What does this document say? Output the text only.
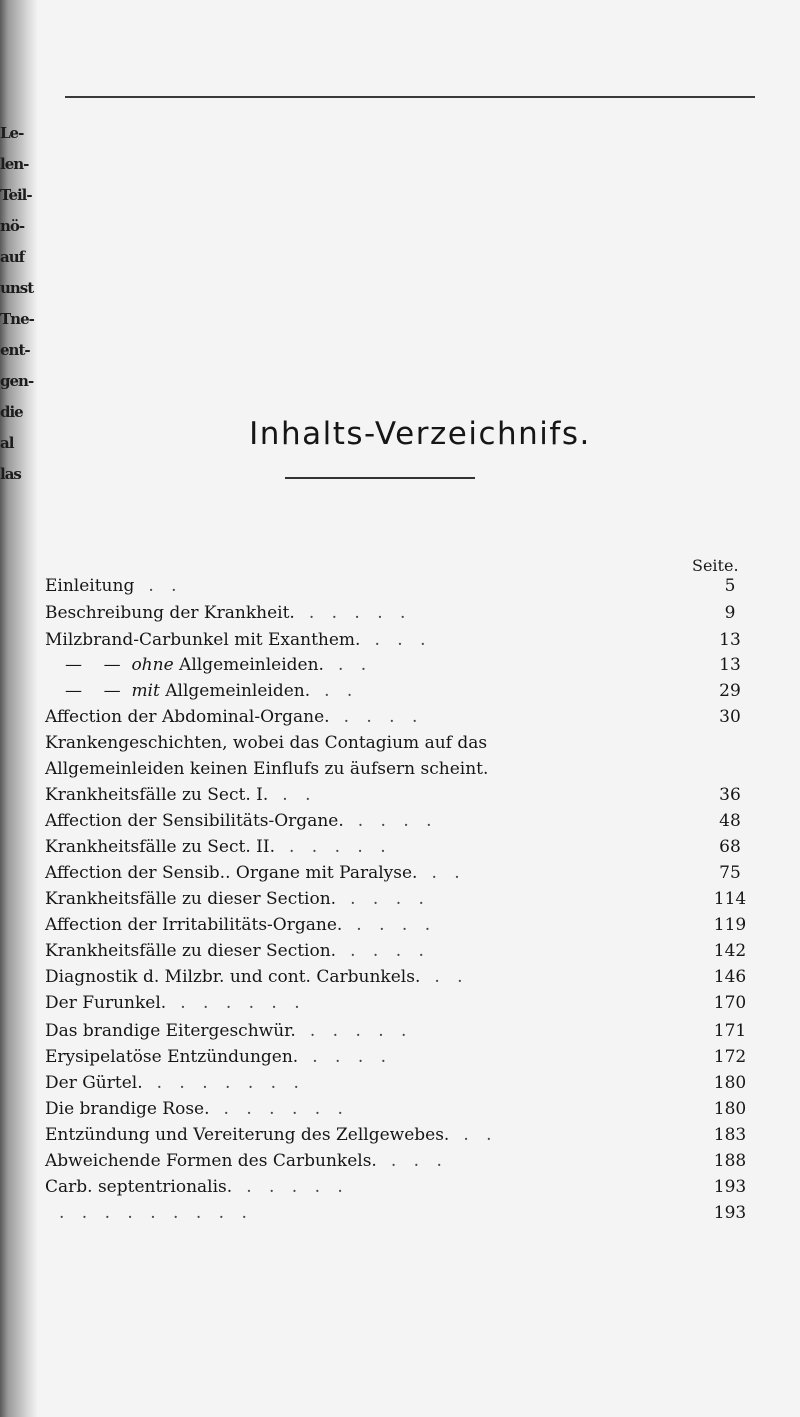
Le-
len-
Teil-
nö-
auf
unst
Tne-
ent-
gen-
die
al
las
Inhalts-Verzeichnifs.
Seite.
Einleitung . .	5
Beschreibung der Krankheit. . . . . .	9
Milzbrand-Carbunkel mit Exanthem. . . .	13
—    —  ohne Allgemeinleiden. . .	13
—    —  mit Allgemeinleiden. . .	29
Affection der Abdominal-Organe. . . . .	30
Krankengeschichten, wobei das Contagium auf das
Allgemeinleiden keinen Einflufs zu äufsern scheint.
Krankheitsfälle zu Sect. I. . .	36
Affection der Sensibilitäts-Organe. . . . .	48
Krankheitsfälle zu Sect. II. . . . . .	68
Affection der Sensib.. Organe mit Paralyse. . .	75
Krankheitsfälle zu dieser Section. . . . .	114
Affection der Irritabilitäts-Organe. . . . .	119
Krankheitsfälle zu dieser Section. . . . .	142
Diagnostik d. Milzbr. und cont. Carbunkels. . .	146
Der Furunkel. . . . . . .	170
Das brandige Eitergeschwür. . . . . .	171
Erysipelatöse Entzündungen. . . . .	172
Der Gürtel. . . . . . . .	180
Die brandige Rose. . . . . . .	180
Entzündung und Vereiterung des Zellgewebes. . .	183
Abweichende Formen des Carbunkels. . . .	188
Carb. septentrionalis. . . . . .	193
. . . . . . . . .	193
